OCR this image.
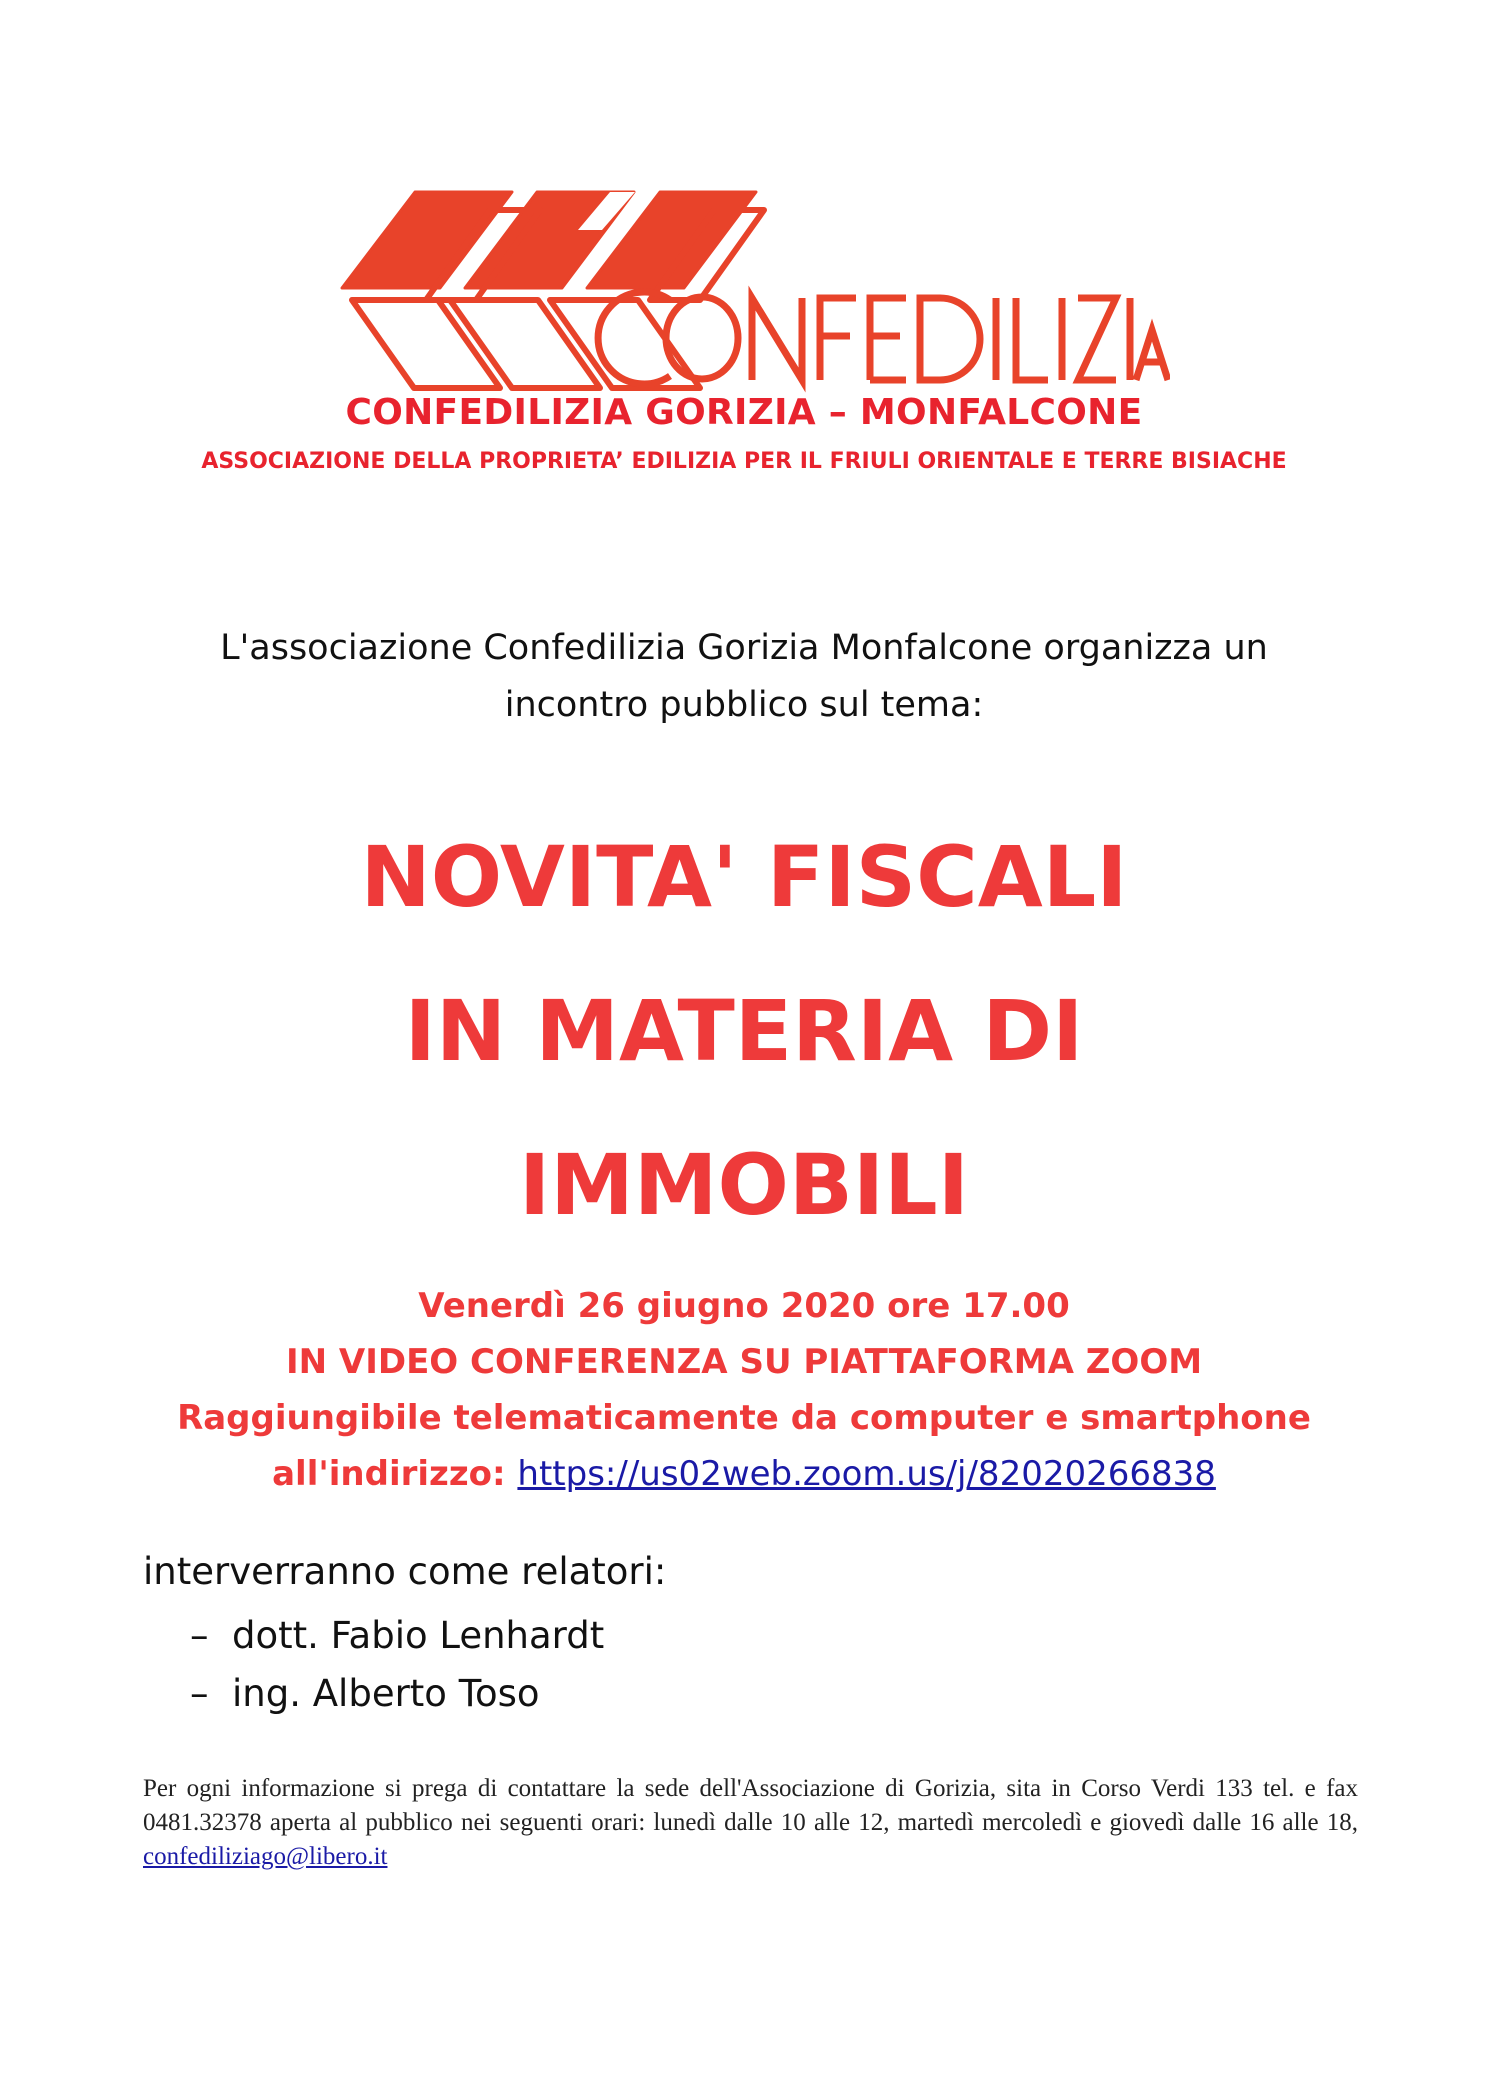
CONFEDILIZIA GORIZIA – MONFALCONE
ASSOCIAZIONE DELLA PROPRIETA’ EDILIZIA PER IL FRIULI ORIENTALE E TERRE BISIACHE
L'associazione Confedilizia Gorizia Monfalcone organizza un
incontro pubblico sul tema:
NOVITA' FISCALI
IN MATERIA DI
IMMOBILI
Venerdì 26 giugno 2020 ore 17.00
IN VIDEO CONFERENZA SU PIATTAFORMA ZOOM
Raggiungibile telematicamente da computer e smartphone
all'indirizzo: https://us02web.zoom.us/j/82020266838
interverranno come relatori:
– dott. Fabio Lenhardt
– ing. Alberto Toso
Per ogni informazione si prega di contattare la sede dell'Associazione di Gorizia, sita in Corso Verdi 133 tel. e fax 0481.32378 aperta al pubblico nei seguenti orari: lunedì dalle 10 alle 12, martedì mercoledì e giovedì dalle 16 alle 18, confediliziago@libero.it
